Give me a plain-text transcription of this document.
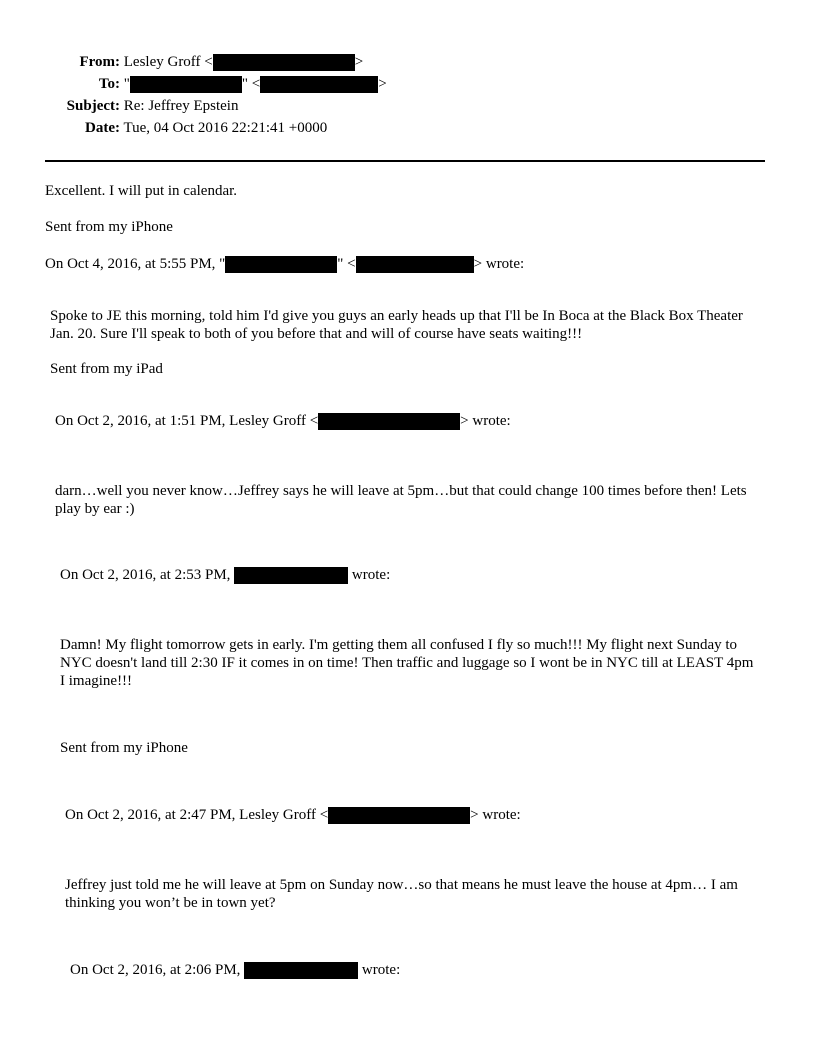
From: Lesley Groff <	>
To: "	" <	>
Subject: Re: Jeffrey Epstein
Date: Tue, 04 Oct 2016 22:21:41 +0000
Excellent. I will put in calendar.
Sent from my iPhone
On Oct 4, 2016, at 5:55 PM, "	" <	> wrote:
Spoke to JE this morning, told him I'd give you guys an early heads up that I'll be In Boca at the Black Box Theater Jan. 20. Sure I'll speak to both of you before that and will of course have seats waiting!!!
Sent from my iPad
On Oct 2, 2016, at 1:51 PM, Lesley Groff <	> wrote:
darn…well you never know…Jeffrey says he will leave at 5pm…but that could change 100 times before then! Lets play by ear :)
On Oct 2, 2016, at 2:53 PM,	wrote:
Damn! My flight tomorrow gets in early. I'm getting them all confused I fly so much!!! My flight next Sunday to NYC doesn't land till 2:30 IF it comes in on time! Then traffic and luggage so I wont be in NYC till at LEAST 4pm I imagine!!!
Sent from my iPhone
On Oct 2, 2016, at 2:47 PM, Lesley Groff <	> wrote:
Jeffrey just told me he will leave at 5pm on Sunday now…so that means he must leave the house at 4pm… I am thinking you won’t be in town yet?
On Oct 2, 2016, at 2:06 PM,	wrote:
